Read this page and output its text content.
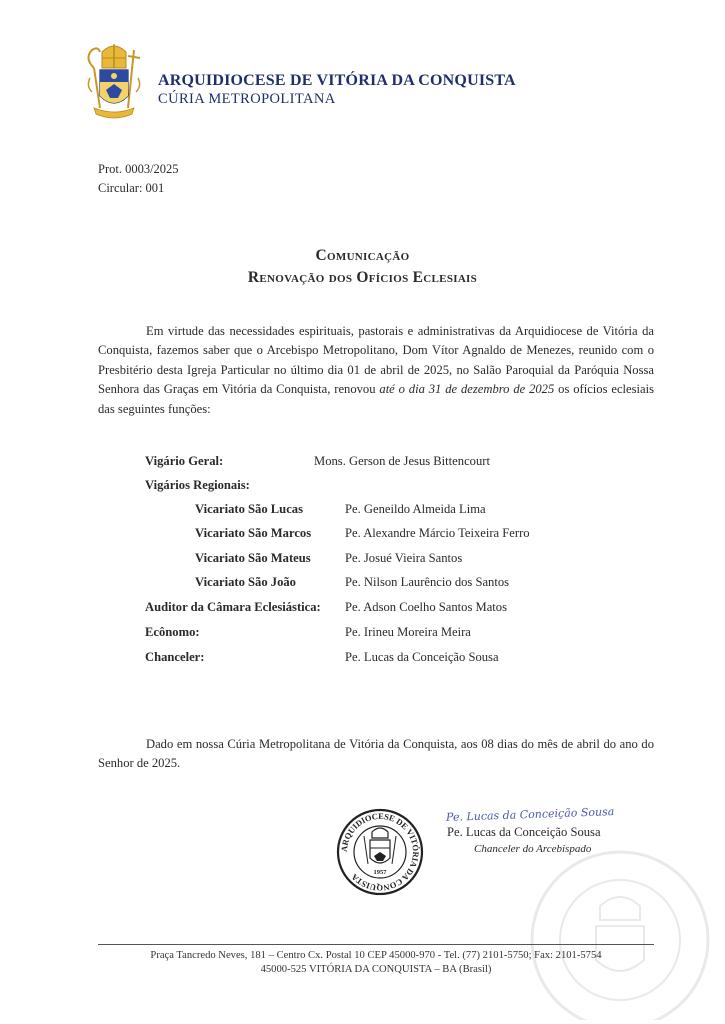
ARQUIDIOCESE DE VITÓRIA DA CONQUISTA
CÚRIA METROPOLITANA
Prot. 0003/2025
Circular: 001
Comunicação
Renovação dos Ofícios Eclesiais
Em virtude das necessidades espirituais, pastorais e administrativas da Arquidiocese de Vitória da Conquista, fazemos saber que o Arcebispo Metropolitano, Dom Vítor Agnaldo de Menezes, reunido com o Presbitério desta Igreja Particular no último dia 01 de abril de 2025, no Salão Paroquial da Paróquia Nossa Senhora das Graças em Vitória da Conquista, renovou até o dia 31 de dezembro de 2025 os ofícios eclesiais das seguintes funções:
Vigário Geral:	Mons. Gerson de Jesus Bittencourt
Vigários Regionais:
Vicariato São Lucas	Pe. Geneildo Almeida Lima
Vicariato São Marcos	Pe. Alexandre Márcio Teixeira Ferro
Vicariato São Mateus	Pe. Josué Vieira Santos
Vicariato São João	Pe. Nilson Laurêncio dos Santos
Auditor da Câmara Eclesiástica: Pe. Adson Coelho Santos Matos
Ecônomo:	Pe. Irineu Moreira Meira
Chanceler:	Pe. Lucas da Conceição Sousa
Dado em nossa Cúria Metropolitana de Vitória da Conquista, aos 08 dias do mês de abril do ano do Senhor de 2025.
ARQUIDIOCESE DE VITÓRIA DA CONQUISTA	1957
Pe. Lucas da Conceição Sousa
Pe. Lucas da Conceição Sousa
Chanceler do Arcebispado
Praça Tancredo Neves, 181 – Centro Cx. Postal 10 CEP 45000-970 - Tel. (77) 2101-5750; Fax: 2101-5754
45000-525 VITÓRIA DA CONQUISTA – BA (Brasil)
